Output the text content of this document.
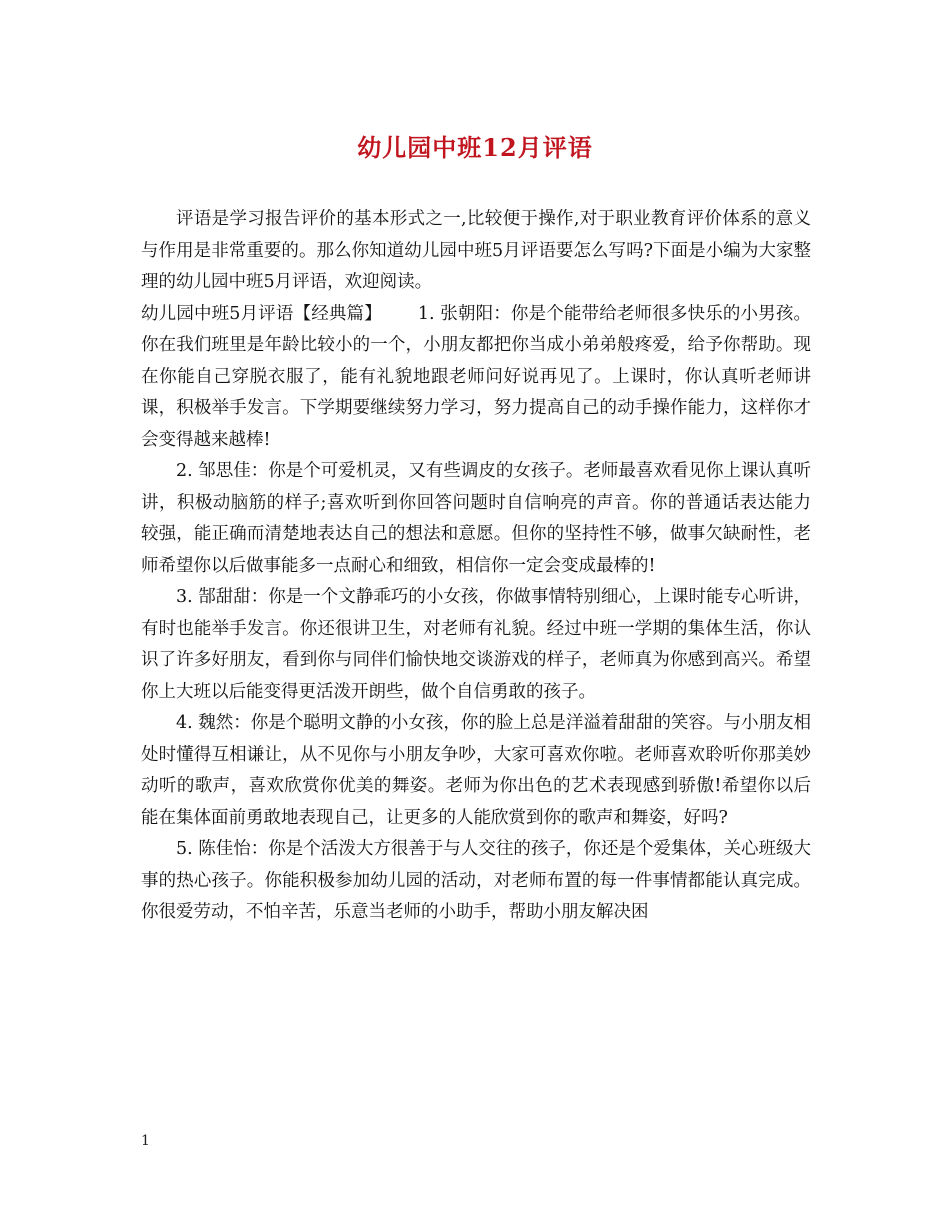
幼儿园中班12月评语

评语是学习报告评价的基本形式之一,比较便于操作,对于职业教育评价体系的意义与作用是非常重要的。那么你知道幼儿园中班5月评语要怎么写吗?下面是小编为大家整理的幼儿园中班5月评语，欢迎阅读。

幼儿园中班5月评语【经典篇】 1. 张朝阳：你是个能带给老师很多快乐的小男孩。你在我们班里是年龄比较小的一个，小朋友都把你当成小弟弟般疼爱，给予你帮助。现在你能自己穿脱衣服了，能有礼貌地跟老师问好说再见了。上课时，你认真听老师讲课，积极举手发言。下学期要继续努力学习，努力提高自己的动手操作能力，这样你才会变得越来越棒!

2. 邹思佳：你是个可爱机灵，又有些调皮的女孩子。老师最喜欢看见你上课认真听讲，积极动脑筋的样子;喜欢听到你回答问题时自信响亮的声音。你的普通话表达能力较强，能正确而清楚地表达自己的想法和意愿。但你的坚持性不够，做事欠缺耐性，老师希望你以后做事能多一点耐心和细致，相信你一定会变成最棒的!

3. 郜甜甜：你是一个文静乖巧的小女孩，你做事情特别细心，上课时能专心听讲，有时也能举手发言。你还很讲卫生，对老师有礼貌。经过中班一学期的集体生活，你认识了许多好朋友，看到你与同伴们愉快地交谈游戏的样子，老师真为你感到高兴。希望你上大班以后能变得更活泼开朗些，做个自信勇敢的孩子。

4. 魏然：你是个聪明文静的小女孩，你的脸上总是洋溢着甜甜的笑容。与小朋友相处时懂得互相谦让，从不见你与小朋友争吵，大家可喜欢你啦。老师喜欢聆听你那美妙动听的歌声，喜欢欣赏你优美的舞姿。老师为你出色的艺术表现感到骄傲!希望你以后能在集体面前勇敢地表现自己，让更多的人能欣赏到你的歌声和舞姿，好吗?

5. 陈佳怡：你是个活泼大方很善于与人交往的孩子，你还是个爱集体，关心班级大事的热心孩子。你能积极参加幼儿园的活动，对老师布置的每一件事情都能认真完成。你很爱劳动，不怕辛苦，乐意当老师的小助手，帮助小朋友解决困

1
